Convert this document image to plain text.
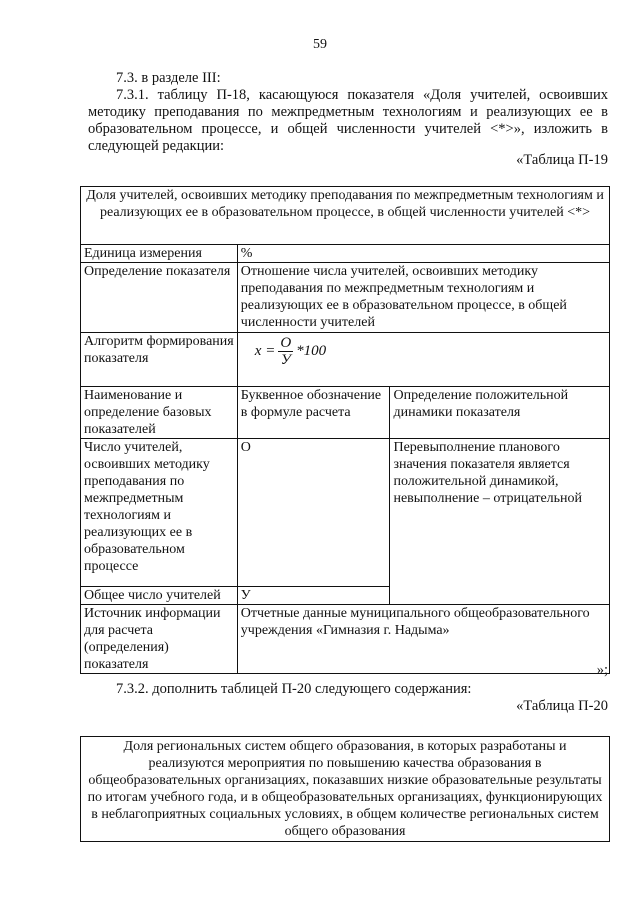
59
7.3. в разделе III:
7.3.1. таблицу П-18, касающуюся показателя «Доля учителей, освоивших методику преподавания по межпредметным технологиям и реализующих ее в образовательном процессе, и общей численности учителей <*>», изложить в следующей редакции:
«Таблица П-19
Доля учителей, освоивших методику преподавания по межпредметным технологиям и реализующих ее в образовательном процессе, в общей численности учителей <*>		
Единица измерения	%	
Определение показателя	Отношение числа учителей, освоивших методику преподавания по межпредметным технологиям и реализующих ее в образовательном процессе, в общей численности учителей	
Алгоритм формирования показателя	$x = \frac{O}{У} *100$	

Наименование и определение базовых показателей	Буквенное обозначение в формуле расчета	Определение положительной динамики показателя
Число учителей, освоивших методику преподавания по межпредметным технологиям и реализующих ее в образовательном процессе	О	Перевыполнение планового значения показателя является положительной динамикой, невыполнение – отрицательной
Общее число учителей	У	
Источник информации для расчета (определения) показателя	Отчетные данные муниципального общеобразовательного учреждения «Гимназия г. Надыма»	
»;
7.3.2. дополнить таблицей П-20 следующего содержания:
«Таблица П-20
Доля региональных систем общего образования, в которых разработаны и реализуются мероприятия по повышению качества образования в общеобразовательных организациях, показавших низкие образовательные результаты по итогам учебного года, и в общеобразовательных организациях, функционирующих в неблагоприятных социальных условиях, в общем количестве региональных систем общего образования
